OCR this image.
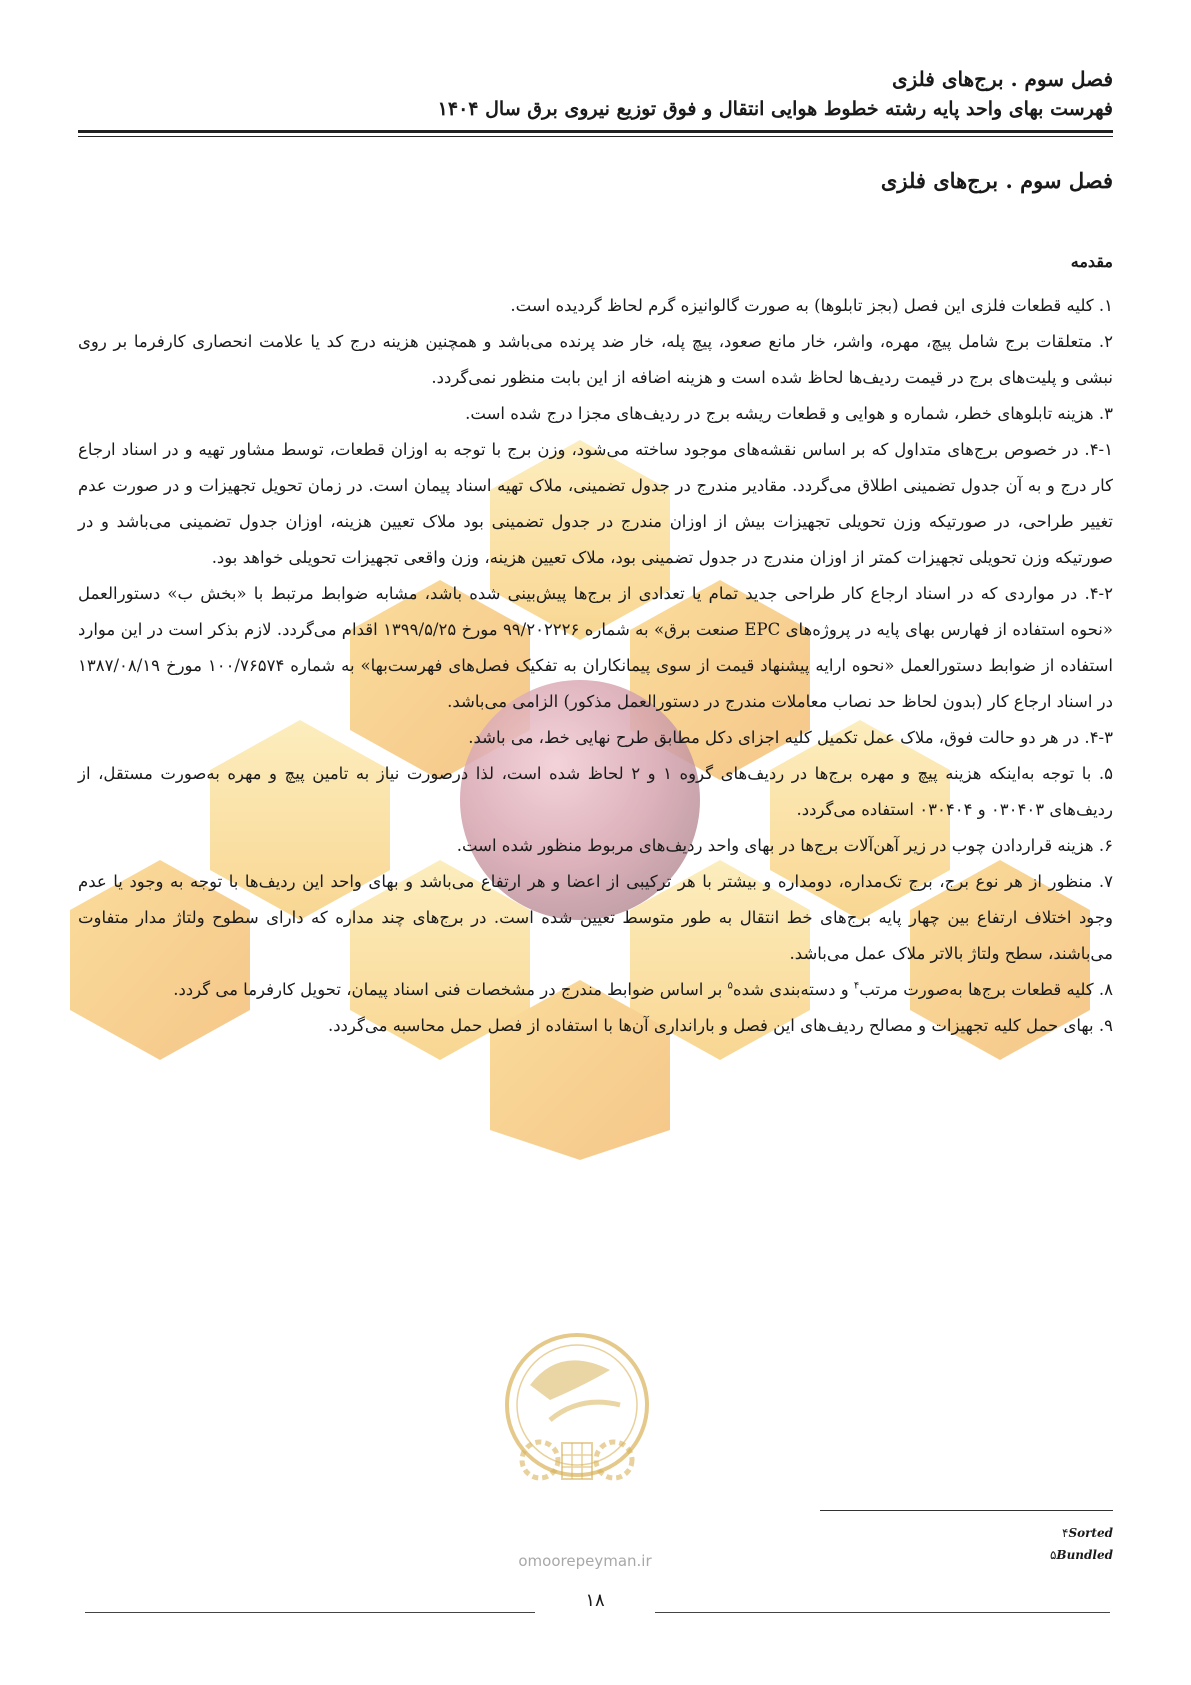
فصل سوم . برج‌های فلزی
فهرست بهای واحد پایه رشته خطوط هوایی انتقال و فوق توزیع نیروی برق سال ۱۴۰۴
فصل سوم . برج‌های فلزی
مقدمه

۱. کلیه قطعات فلزی این فصل (بجز تابلوها) به صورت گالوانیزه گرم لحاظ گردیده است.

۲. متعلقات برج شامل پیچ، مهره، واشر، خار مانع صعود، پیچ پله، خار ضد پرنده می‌باشد و همچنین هزینه درج کد یا علامت انحصاری کارفرما بر روی نبشی و پلیت‌های برج در قیمت ردیف‌ها لحاظ شده است و هزینه اضافه از این بابت منظور نمی‌گردد.

۳. هزینه تابلوهای خطر، شماره و هوایی و قطعات ریشه برج در ردیف‌های مجزا درج شده است.

۴-۱. در خصوص برج‌های متداول که بر اساس نقشه‌های موجود ساخته می‌شود، وزن برج با توجه به اوزان قطعات، توسط مشاور تهیه و در اسناد ارجاع کار درج و به آن جدول تضمینی اطلاق می‌گردد. مقادیر مندرج در جدول تضمینی، ملاک تهیه اسناد پیمان است. در زمان تحویل تجهیزات و در صورت عدم تغییر طراحی، در صورتیکه وزن تحویلی تجهیزات بیش از اوزان مندرج در جدول تضمینی بود ملاک تعیین هزینه، اوزان جدول تضمینی می‌باشد و در صورتیکه وزن تحویلی تجهیزات کمتر از اوزان مندرج در جدول تضمینی بود، ملاک تعیین هزینه، وزن واقعی تجهیزات تحویلی خواهد بود.

۴-۲. در مواردی که در اسناد ارجاع کار طراحی جدید تمام یا تعدادی از برج‌ها پیش‌بینی شده باشد، مشابه ضوابط مرتبط با «بخش ب» دستورالعمل «نحوه استفاده از فهارس بهای پایه در پروژه‌های EPC صنعت برق» به شماره ۹۹/۲۰۲۲۲۶ مورخ ۱۳۹۹/۵/۲۵ اقدام می‌گردد. لازم بذکر است در این موارد استفاده از ضوابط دستورالعمل «نحوه ارایه پیشنهاد قیمت از سوی پیمانکاران به تفکیک فصل‌های فهرست‌بها» به شماره ۱۰۰/۷۶۵۷۴ مورخ ۱۳۸۷/۰۸/۱۹ در اسناد ارجاع کار (بدون لحاظ حد نصاب معاملات مندرج در دستورالعمل مذکور) الزامی می‌باشد.

۴-۳. در هر دو حالت فوق، ملاک عمل تکمیل کلیه اجزای دکل مطابق طرح نهایی خط، می باشد.

۵. با توجه به‌اینکه هزینه پیچ و مهره برج‌ها در ردیف‌های گروه ۱ و ۲ لحاظ شده است، لذا درصورت نیاز به تامین پیچ و مهره به‌صورت مستقل، از ردیف‌های ۰۳۰۴۰۳ و ۰۳۰۴۰۴ استفاده می‌گردد.

۶. هزینه قراردادن چوب در زیر آهن‌آلات برج‌ها در بهای واحد ردیف‌های مربوط منظور شده است.

۷. منظور از هر نوع برج، برج تک‌مداره، دومداره و بیشتر با هر ترکیبی از اعضا و هر ارتفاع می‌باشد و بهای واحد این ردیف‌ها با توجه به وجود یا عدم وجود اختلاف ارتفاع بین چهار پایه برج‌های خط انتقال به طور متوسط تعیین شده است. در برج‌های چند مداره که دارای سطوح ولتاژ مدار متفاوت می‌باشند، سطح ولتاژ بالاتر ملاک عمل می‌باشد.

۸. کلیه قطعات برج‌ها به‌صورت مرتب$^۴$ و دسته‌بندی شده$^۵$ بر اساس ضوابط مندرج در مشخصات فنی اسناد پیمان، تحویل کارفرما می گردد.

۹. بهای حمل کلیه تجهیزات و مصالح ردیف‌های این فصل و بارانداری آن‌ها با استفاده از فصل حمل محاسبه می‌گردد.

omoorepeyman.ir
۴Sorted
۵Bundled
۱۸
